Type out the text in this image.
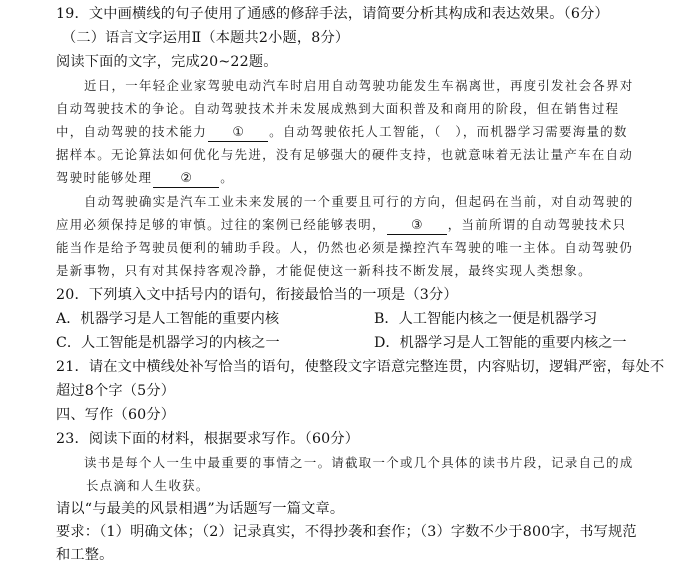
19．文中画横线的句子使用了通感的修辞手法，请简要分析其构成和表达效果。（6分）
（二）语言文字运用Ⅱ（本题共2小题，8分）
阅读下面的文字，完成20~22题。
近日，一年轻企业家驾驶电动汽车时启用自动驾驶功能发生车祸离世，再度引发社会各界对
自动驾驶技术的争论。自动驾驶技术并未发展成熟到大面积普及和商用的阶段，但在销售过程
中，自动驾驶的技术能力 ① 。自动驾驶依托人工智能，（　），而机器学习需要海量的数
据样本。无论算法如何优化与先进，没有足够强大的硬件支持，也就意味着无法让量产车在自动
驾驶时能够处理 ② 。
自动驾驶确实是汽车工业未来发展的一个重要且可行的方向，但起码在当前，对自动驾驶的
应用必须保持足够的审慎。过往的案例已经能够表明， ③ ，当前所谓的自动驾驶技术只
能当作是给予驾驶员便利的辅助手段。人，仍然也必须是操控汽车驾驶的唯一主体。自动驾驶仍
是新事物，只有对其保持客观冷静，才能促使这一新科技不断发展，最终实现人类想象。
20．下列填入文中括号内的语句，衔接最恰当的一项是（3分）
A．机器学习是人工智能的重要内核	B．人工智能内核之一便是机器学习
C．人工智能是机器学习的内核之一	D．机器学习是人工智能的重要内核之一
21．请在文中横线处补写恰当的语句，使整段文字语意完整连贯，内容贴切，逻辑严密，每处不
超过8个字（5分）
四、写作（60分）
23．阅读下面的材料，根据要求写作。（60分）
读书是每个人一生中最重要的事情之一。请截取一个或几个具体的读书片段，记录自己的成
长点滴和人生收获。
请以“与最美的风景相遇”为话题写一篇文章。
要求：（1）明确文体；（2）记录真实，不得抄袭和套作；（3）字数不少于800字，书写规范
和工整。
